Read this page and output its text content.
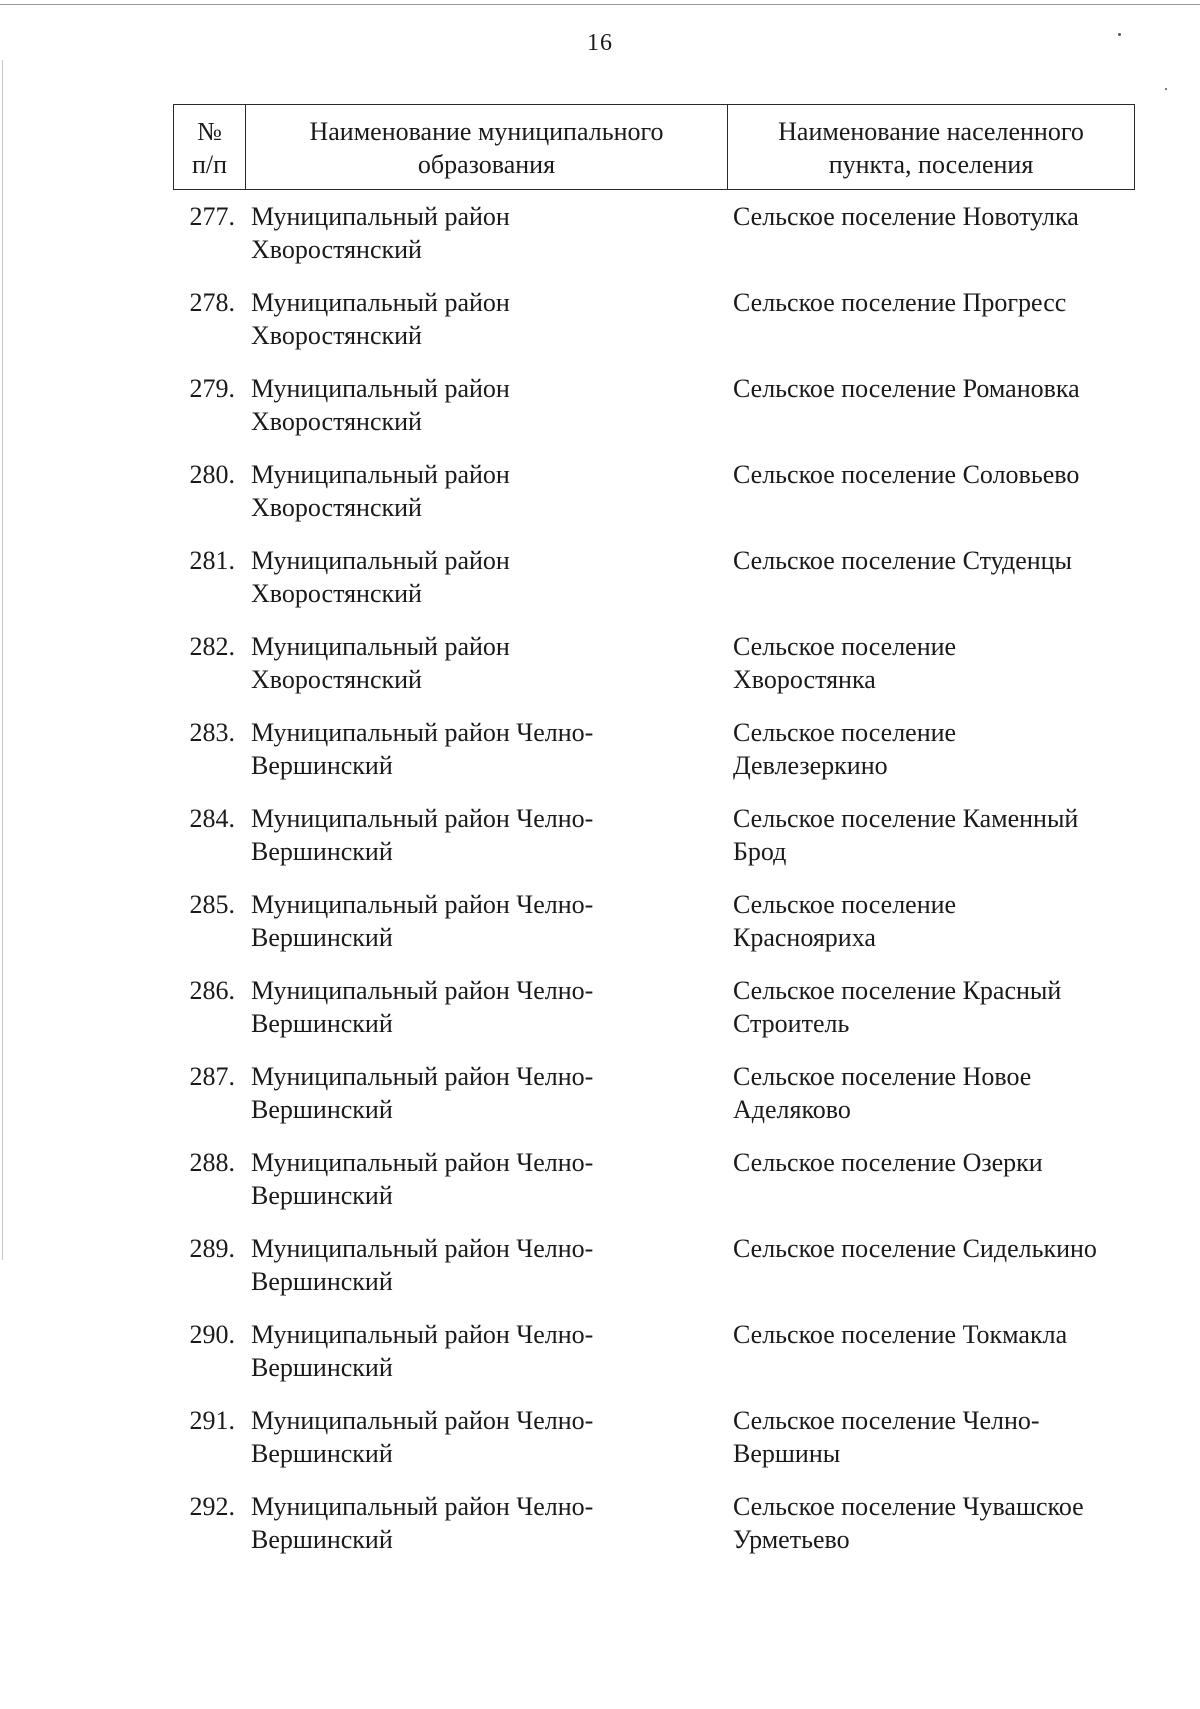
16
№
п/п
Наименование муниципального
образования
Наименование населенного
пункта, поселения
277. Муниципальный район
Хворостянский
Сельское поселение Новотулка
278. Муниципальный район
Хворостянский
Сельское поселение Прогресс
279. Муниципальный район
Хворостянский
Сельское поселение Романовка
280. Муниципальный район
Хворостянский
Сельское поселение Соловьево
281. Муниципальный район
Хворостянский
Сельское поселение Студенцы
282. Муниципальный район
Хворостянский
Сельское поселение
Хворостянка
283. Муниципальный район Челно-
Вершинский
Сельское поселение
Девлезеркино
284. Муниципальный район Челно-
Вершинский
Сельское поселение Каменный
Брод
285. Муниципальный район Челно-
Вершинский
Сельское поселение
Краснояриха
286. Муниципальный район Челно-
Вершинский
Сельское поселение Красный
Строитель
287. Муниципальный район Челно-
Вершинский
Сельское поселение Новое
Аделяково
288. Муниципальный район Челно-
Вершинский
Сельское поселение Озерки
289. Муниципальный район Челно-
Вершинский
Сельское поселение Сиделькино
290. Муниципальный район Челно-
Вершинский
Сельское поселение Токмакла
291. Муниципальный район Челно-
Вершинский
Сельское поселение Челно-
Вершины
292. Муниципальный район Челно-
Вершинский
Сельское поселение Чувашское
Урметьево
